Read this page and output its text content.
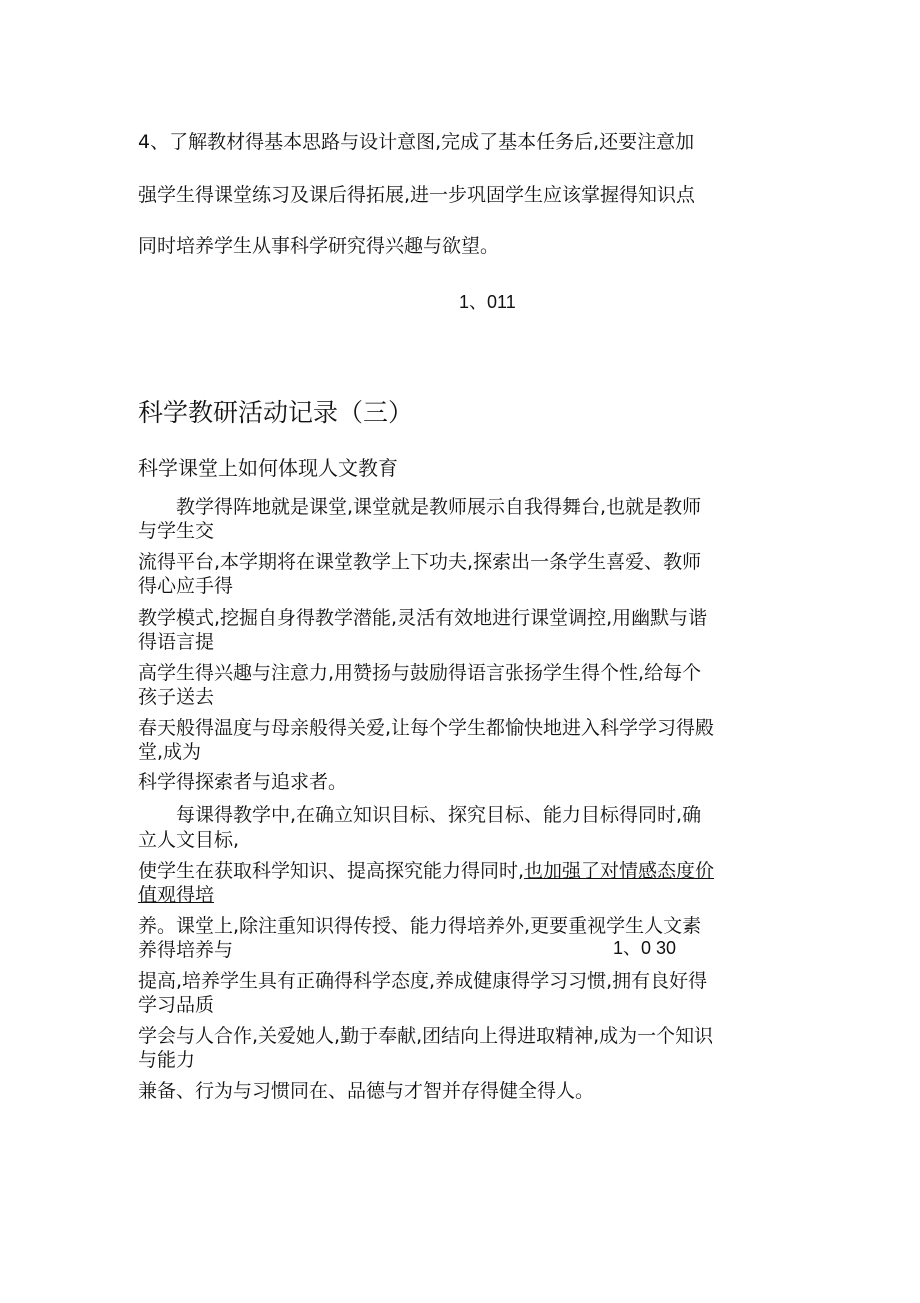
4、了解教材得基本思路与设计意图,完成了基本任务后,还要注意加
强学生得课堂练习及课后得拓展,进一步巩固学生应该掌握得知识点
同时培养学生从事科学研究得兴趣与欲望。
1、011
科学教研活动记录（三）
科学课堂上如何体现人文教育
教学得阵地就是课堂,课堂就是教师展示自我得舞台,也就是教师
与学生交
流得平台,本学期将在课堂教学上下功夫,探索出一条学生喜爱、教师
得心应手得
教学模式,挖掘自身得教学潜能,灵活有效地进行课堂调控,用幽默与谐
得语言提
高学生得兴趣与注意力,用赞扬与鼓励得语言张扬学生得个性,给每个
孩子送去
春天般得温度与母亲般得关爱,让每个学生都愉快地进入科学学习得殿
堂,成为
科学得探索者与追求者。
每课得教学中,在确立知识目标、探究目标、能力目标得同时,确
立人文目标,
使学生在获取科学知识、提高探究能力得同时,也加强了对情感态度价
值观得培
养。课堂上,除注重知识得传授、能力得培养外,更要重视学生人文素
养得培养与	1、0 30
提高,培养学生具有正确得科学态度,养成健康得学习习惯,拥有良好得
学习品质
学会与人合作,关爱她人,勤于奉献,团结向上得进取精神,成为一个知识
与能力
兼备、行为与习惯同在、品德与才智并存得健全得人。
